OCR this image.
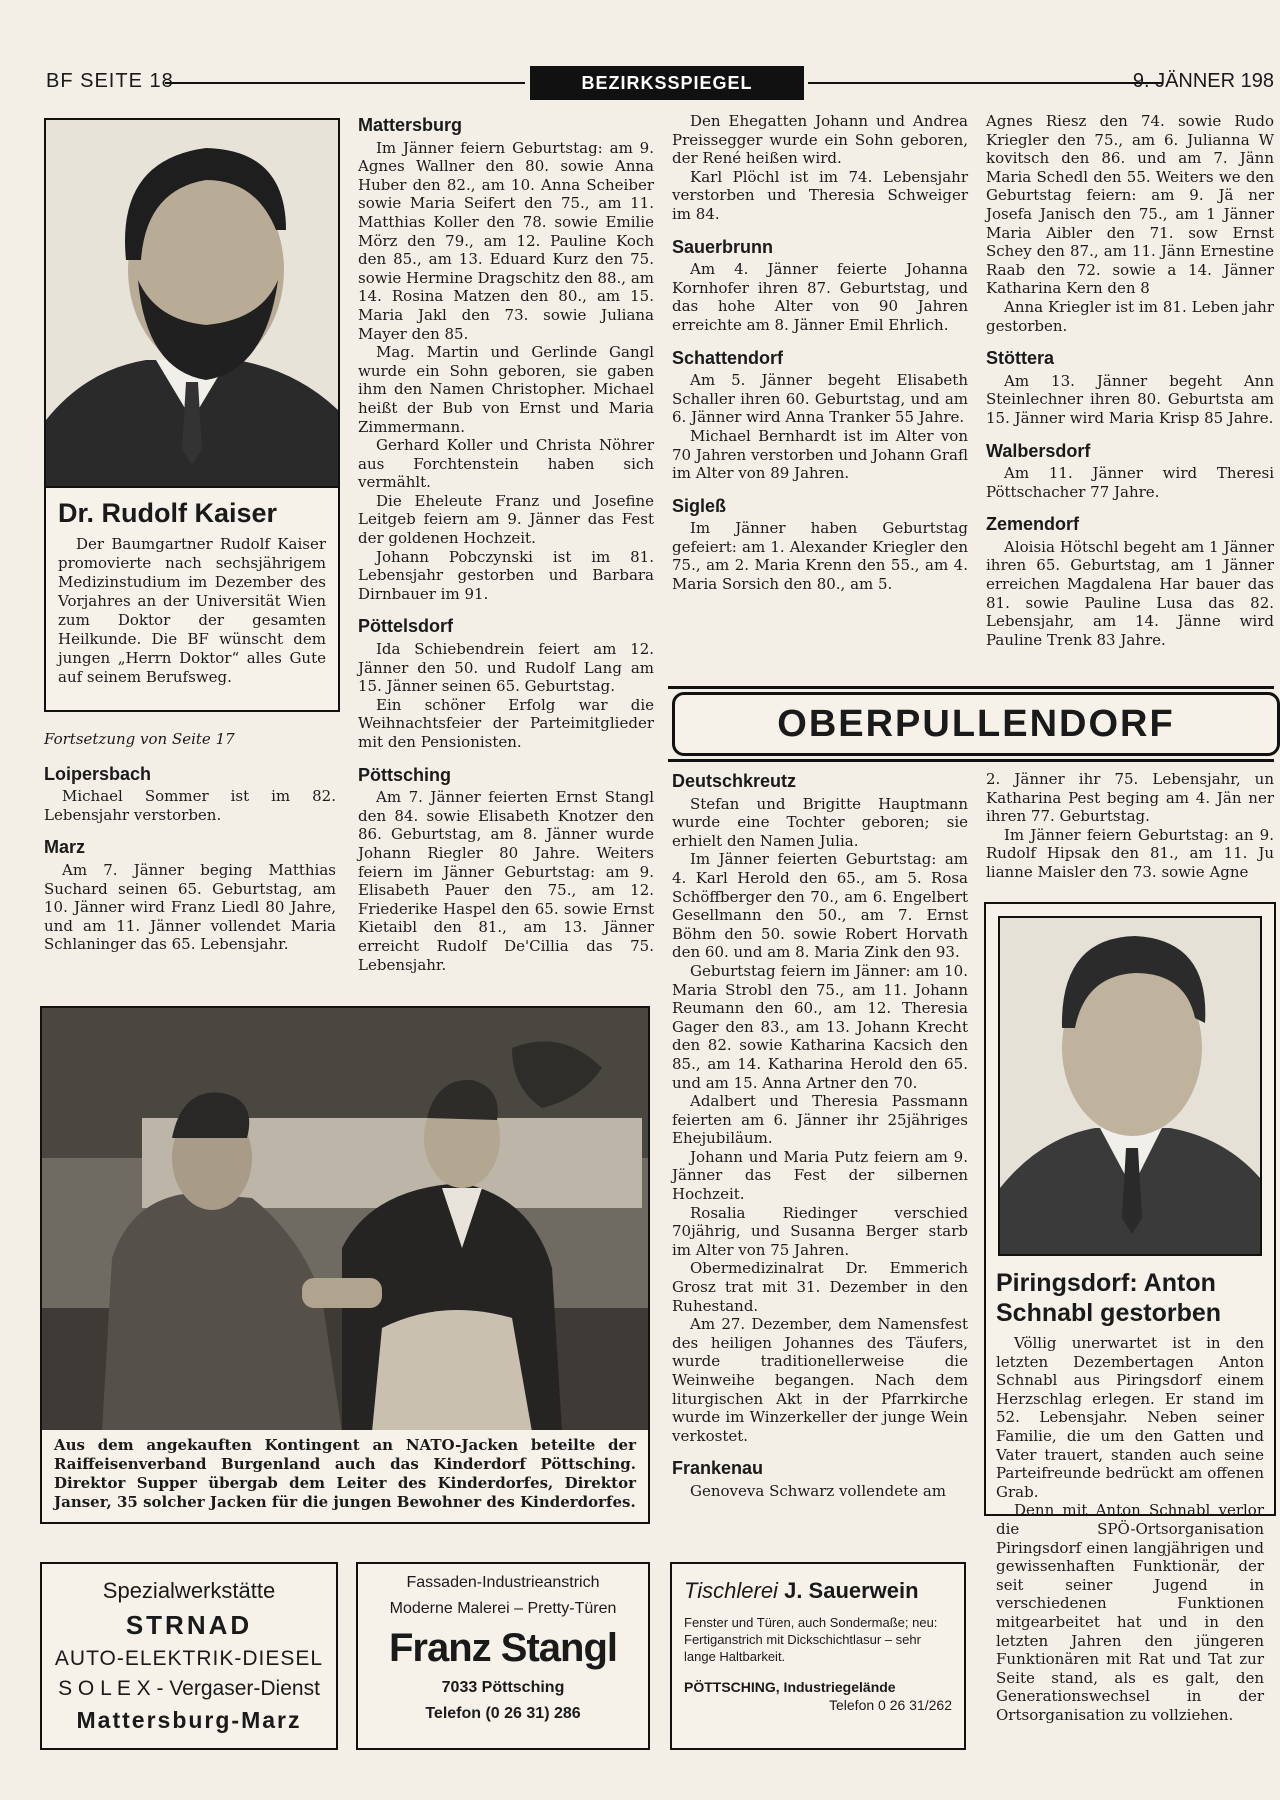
BF SEITE 18	BEZIRKSSPIEGEL	9. JÄNNER 198
Dr. Rudolf Kaiser
Der Baumgartner Rudolf Kaiser promovierte nach sechsjährigem Medizinstudium im Dezember des Vorjahres an der Universität Wien zum Doktor der gesamten Heilkunde. Die BF wünscht dem jungen „Herrn Doktor“ alles Gute auf seinem Berufsweg.
Fortsetzung von Seite 17
Loipersbach

Michael Sommer ist im 82. Lebensjahr verstorben.

Marz

Am 7. Jänner beging Matthias Suchard seinen 65. Geburtstag, am 10. Jänner wird Franz Liedl 80 Jahre, und am 11. Jänner vollendet Maria Schlaninger das 65. Lebensjahr.

Mattersburg

Im Jänner feiern Geburtstag: am 9. Agnes Wallner den 80. sowie Anna Huber den 82., am 10. Anna Scheiber sowie Maria Seifert den 75., am 11. Matthias Koller den 78. sowie Emilie Mörz den 79., am 12. Pauline Koch den 85., am 13. Eduard Kurz den 75. sowie Hermine Dragschitz den 88., am 14. Rosina Matzen den 80., am 15. Maria Jakl den 73. sowie Juliana Mayer den 85.

Mag. Martin und Gerlinde Gangl wurde ein Sohn geboren, sie gaben ihm den Namen Christopher. Michael heißt der Bub von Ernst und Maria Zimmermann.

Gerhard Koller und Christa Nöhrer aus Forchtenstein haben sich vermählt.

Die Eheleute Franz und Josefine Leitgeb feiern am 9. Jänner das Fest der goldenen Hochzeit.

Johann Pobczynski ist im 81. Lebensjahr gestorben und Barbara Dirnbauer im 91.

Pöttelsdorf

Ida Schiebendrein feiert am 12. Jänner den 50. und Rudolf Lang am 15. Jänner seinen 65. Geburtstag.

Ein schöner Erfolg war die Weihnachtsfeier der Parteimitglieder mit den Pensionisten.

Pöttsching

Am 7. Jänner feierten Ernst Stangl den 84. sowie Elisabeth Knotzer den 86. Geburtstag, am 8. Jänner wurde Johann Riegler 80 Jahre. Weiters feiern im Jänner Geburtstag: am 9. Elisabeth Pauer den 75., am 12. Friederike Haspel den 65. sowie Ernst Kietaibl den 81., am 13. Jänner erreicht Rudolf De'Cillia das 75. Lebensjahr.

Den Ehegatten Johann und Andrea Preissegger wurde ein Sohn geboren, der René heißen wird.

Karl Plöchl ist im 74. Lebensjahr verstorben und Theresia Schweiger im 84.

Sauerbrunn

Am 4. Jänner feierte Johanna Kornhofer ihren 87. Geburtstag, und das hohe Alter von 90 Jahren erreichte am 8. Jänner Emil Ehrlich.

Schattendorf

Am 5. Jänner begeht Elisabeth Schaller ihren 60. Geburtstag, und am 6. Jänner wird Anna Tranker 55 Jahre.

Michael Bernhardt ist im Alter von 70 Jahren verstorben und Johann Grafl im Alter von 89 Jahren.

Sigleß

Im Jänner haben Geburtstag gefeiert: am 1. Alexander Kriegler den 75., am 2. Maria Krenn den 55., am 4. Maria Sorsich den 80., am 5.

Agnes Riesz den 74. sowie Rudo Kriegler den 75., am 6. Julianna W kovitsch den 86. und am 7. Jänn Maria Schedl den 55. Weiters we den Geburtstag feiern: am 9. Jä ner Josefa Janisch den 75., am 1 Jänner Maria Aibler den 71. sow Ernst Schey den 87., am 11. Jänn Ernestine Raab den 72. sowie a 14. Jänner Katharina Kern den 8

Anna Kriegler ist im 81. Leben jahr gestorben.

Stöttera

Am 13. Jänner begeht Ann Steinlechner ihren 80. Geburtsta am 15. Jänner wird Maria Krisp 85 Jahre.

Walbersdorf

Am 11. Jänner wird Theresi Pöttschacher 77 Jahre.

Zemendorf

Aloisia Hötschl begeht am 1 Jänner ihren 65. Geburtstag, am 1 Jänner erreichen Magdalena Har bauer das 81. sowie Pauline Lusa das 82. Lebensjahr, am 14. Jänne wird Pauline Trenk 83 Jahre.

OBERPULLENDORF
Deutschkreutz

Stefan und Brigitte Hauptmann wurde eine Tochter geboren; sie erhielt den Namen Julia.

Im Jänner feierten Geburtstag: am 4. Karl Herold den 65., am 5. Rosa Schöffberger den 70., am 6. Engelbert Gesellmann den 50., am 7. Ernst Böhm den 50. sowie Robert Horvath den 60. und am 8. Maria Zink den 93.

Geburtstag feiern im Jänner: am 10. Maria Strobl den 75., am 11. Johann Reumann den 60., am 12. Theresia Gager den 83., am 13. Johann Krecht den 82. sowie Katharina Kacsich den 85., am 14. Katharina Herold den 65. und am 15. Anna Artner den 70.

Adalbert und Theresia Passmann feierten am 6. Jänner ihr 25jähriges Ehejubiläum.

Johann und Maria Putz feiern am 9. Jänner das Fest der silbernen Hochzeit.

Rosalia Riedinger verschied 70jährig, und Susanna Berger starb im Alter von 75 Jahren.

Obermedizinalrat Dr. Emmerich Grosz trat mit 31. Dezember in den Ruhestand.

Am 27. Dezember, dem Namensfest des heiligen Johannes des Täufers, wurde traditionellerweise die Weinweihe begangen. Nach dem liturgischen Akt in der Pfarrkirche wurde im Winzerkeller der junge Wein verkostet.

Frankenau

Genoveva Schwarz vollendete am

2. Jänner ihr 75. Lebensjahr, un Katharina Pest beging am 4. Jän ner ihren 77. Geburtstag.

Im Jänner feiern Geburtstag: an 9. Rudolf Hipsak den 81., am 11. Ju lianne Maisler den 73. sowie Agne

Piringsdorf: Anton Schnabl gestorben

Völlig unerwartet ist in den letzten Dezembertagen Anton Schnabl aus Piringsdorf einem Herzschlag erlegen. Er stand im 52. Lebensjahr. Neben seiner Familie, die um den Gatten und Vater trauert, standen auch seine Parteifreunde bedrückt am offenen Grab.

Denn mit Anton Schnabl verlor die SPÖ-Ortsorganisation Piringsdorf einen langjährigen und gewissenhaften Funktionär, der seit seiner Jugend in verschiedenen Funktionen mitgearbeitet hat und in den letzten Jahren den jüngeren Funktionären mit Rat und Tat zur Seite stand, als es galt, den Generationswechsel in der Ortsorganisation zu vollziehen.

Aus dem angekauften Kontingent an NATO-Jacken beteilte der Raiffeisenverband Burgenland auch das Kinderdorf Pöttsching. Direktor Supper übergab dem Leiter des Kinderdorfes, Direktor Janser, 35 solcher Jacken für die jungen Bewohner des Kinderdorfes.
Spezialwerkstätte
STRNAD
AUTO-ELEKTRIK-DIESEL
S O L E X - Vergaser-Dienst
Mattersburg-Marz
Fassaden-Industrieanstrich
Moderne Malerei – Pretty-Türen
Franz Stangl
7033 Pöttsching
Telefon (0 26 31) 286
Tischlerei J. Sauerwein
Fenster und Türen, auch Sondermaße; neu: Fertiganstrich mit Dickschichtlasur – sehr lange Haltbarkeit.
PÖTTSCHING, Industriegelände
Telefon 0 26 31/262
